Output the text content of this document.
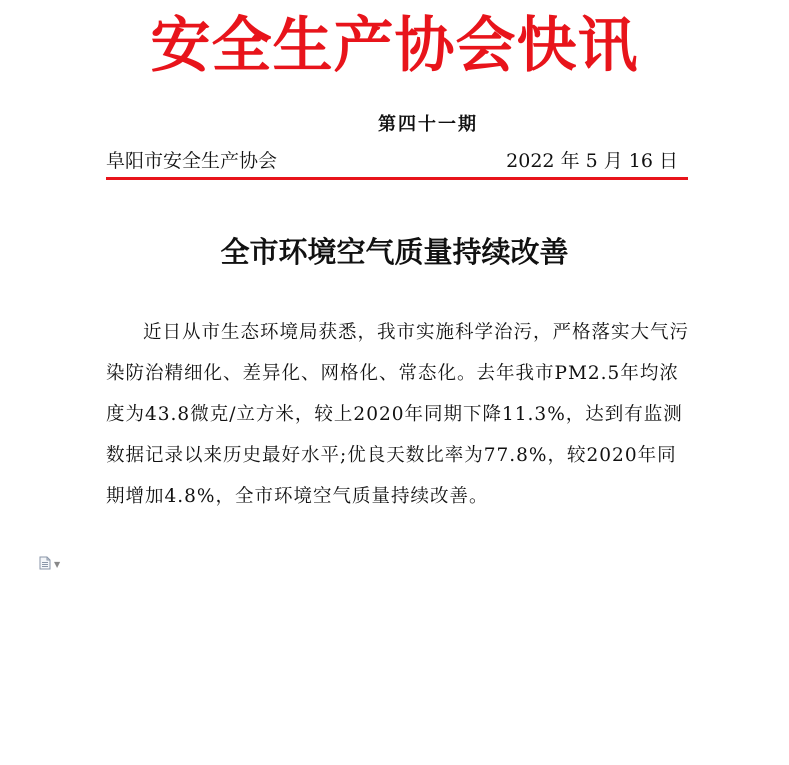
安全生产协会快讯
第四十一期
阜阳市安全生产协会	2022 年 5 月 16 日
全市环境空气质量持续改善
近日从市生态环境局获悉，我市实施科学治污，严格落实大气污染防治精细化、差异化、网格化、常态化。去年我市PM2.5年均浓度为43.8微克/立方米，较上2020年同期下降11.3%，达到有监测数据记录以来历史最好水平;优良天数比率为77.8%，较2020年同期增加4.8%，全市环境空气质量持续改善。
▼
